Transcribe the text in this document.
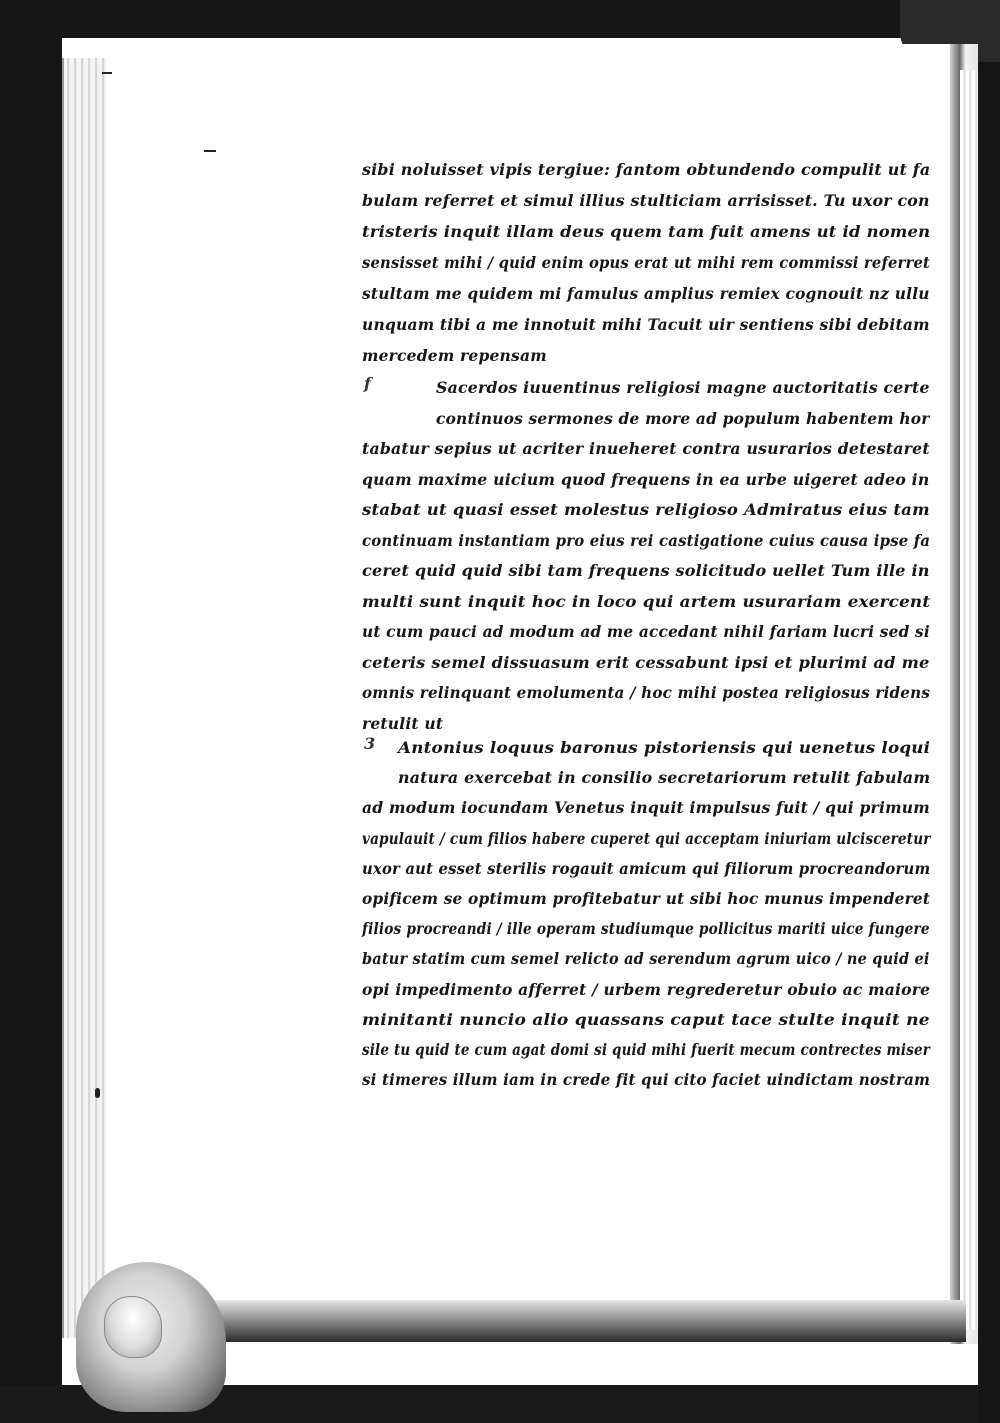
sibi noluisset vipis tergiue: fantom obtundendo compulit ut fa
bulam referret et simul illius stulticiam arrisisset. Tu uxor con
tristeris inquit illam deus quem tam fuit amens ut id nomen
sensisset mihi / quid enim opus erat ut mihi rem commissi referret
stultam me quidem mi famulus amplius remiex cognouit nz ullu
unquam tibi a me innotuit mihi Tacuit uir sentiens sibi debitam
mercedem repensam
f	Sacerdos iuuentinus religiosi magne auctoritatis certe
continuos sermones de more ad populum habentem hor
tabatur sepius ut acriter inueheret contra usurarios detestaret
quam maxime uicium quod frequens in ea urbe uigeret adeo in
stabat ut quasi esset molestus religioso Admiratus eius tam
continuam instantiam pro eius rei castigatione cuius causa ipse fa
ceret quid quid sibi tam frequens solicitudo uellet Tum ille in
multi sunt inquit hoc in loco qui artem usurariam exercent
ut cum pauci ad modum ad me accedant nihil fariam lucri sed si
ceteris semel dissuasum erit cessabunt ipsi et plurimi ad me
omnis relinquant emolumenta / hoc mihi postea religiosus ridens
retulit ut
3 Antonius loquus baronus pistoriensis qui uenetus loqui
natura exercebat in consilio secretariorum retulit fabulam
ad modum iocundam Venetus inquit impulsus fuit / qui primum
vapulauit / cum filios habere cuperet qui acceptam iniuriam ulcisceretur
uxor aut esset sterilis rogauit amicum qui filiorum procreandorum
opificem se optimum profitebatur ut sibi hoc munus impenderet
filios procreandi / ille operam studiumque pollicitus mariti uice fungere
batur statim cum semel relicto ad serendum agrum uico / ne quid ei
opi impedimento afferret / urbem regrederetur obuio ac maiore
minitanti nuncio alio quassans caput tace stulte inquit ne
sile tu quid te cum agat domi si quid mihi fuerit mecum contrectes miser
si timeres illum iam in crede fit qui cito faciet uindictam nostram
